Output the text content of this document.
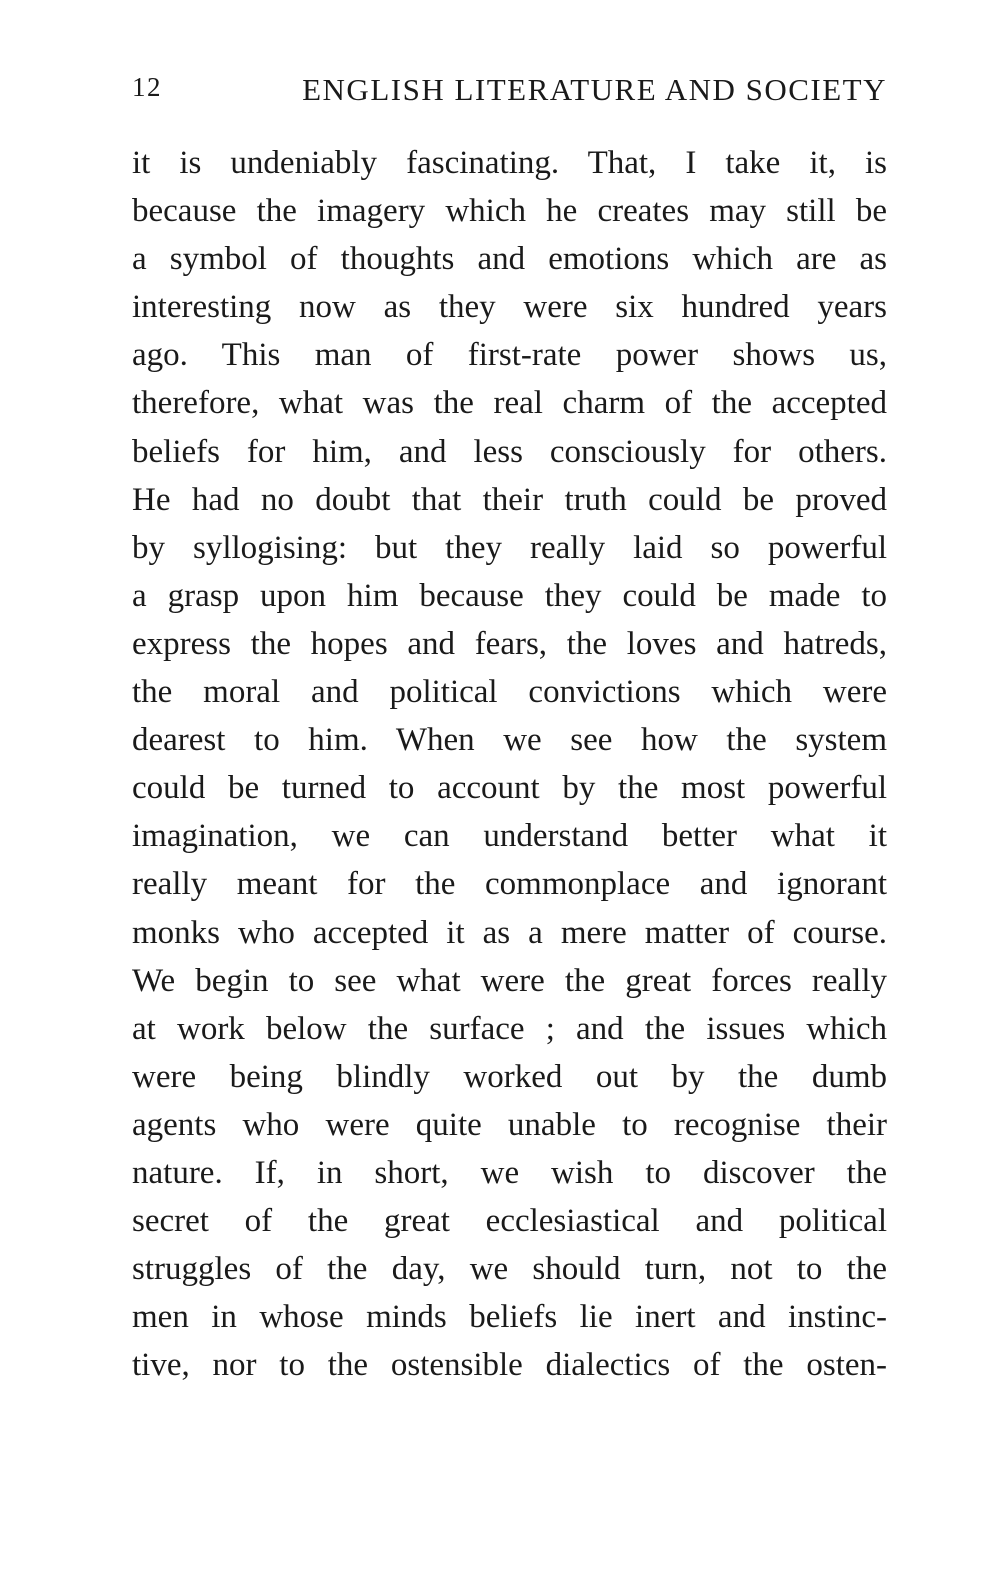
12	ENGLISH LITERATURE AND SOCIETY
it is undeniably fascinating. That, I take it, is
because the imagery which he creates may still be
a symbol of thoughts and emotions which are as
interesting now as they were six hundred years
ago. This man of first-rate power shows us,
therefore, what was the real charm of the accepted
beliefs for him, and less consciously for others.
He had no doubt that their truth could be proved
by syllogising: but they really laid so powerful
a grasp upon him because they could be made to
express the hopes and fears, the loves and hatreds,
the moral and political convictions which were
dearest to him. When we see how the system
could be turned to account by the most powerful
imagination, we can understand better what it
really meant for the commonplace and ignorant
monks who accepted it as a mere matter of course.
We begin to see what were the great forces really
at work below the surface ; and the issues which
were being blindly worked out by the dumb
agents who were quite unable to recognise their
nature. If, in short, we wish to discover the
secret of the great ecclesiastical and political
struggles of the day, we should turn, not to the
men in whose minds beliefs lie inert and instinc-
tive, nor to the ostensible dialectics of the osten-
